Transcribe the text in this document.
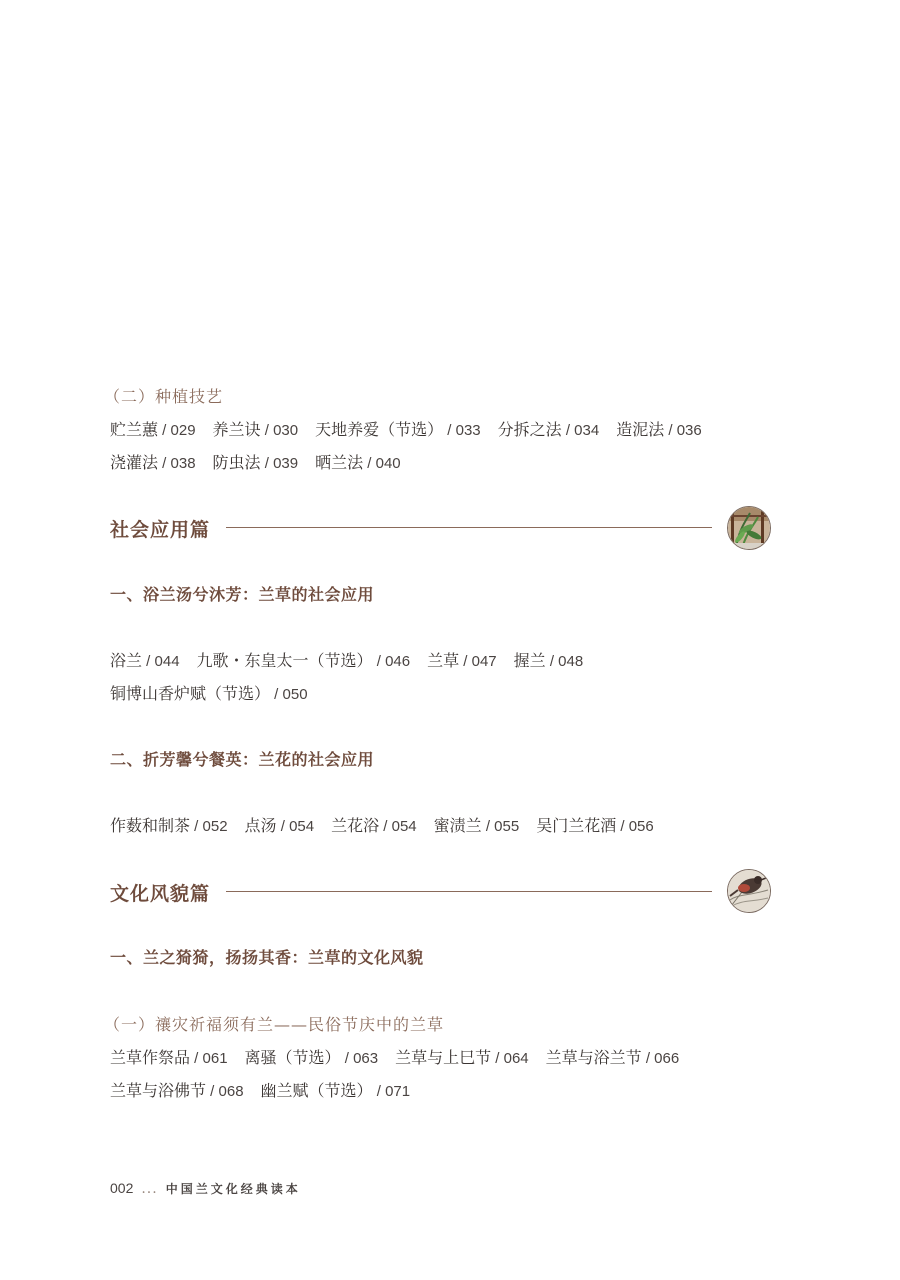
（二）种植技艺
贮兰蕙 / 029 养兰诀 / 030 天地养爱（节选） / 033 分拆之法 / 034 造泥法 / 036
浇灌法 / 038 防虫法 / 039 晒兰法 / 040
社会应用篇
一、浴兰汤兮沐芳：兰草的社会应用
浴兰 / 044 九歌・东皇太一（节选） / 046 兰草 / 047 握兰 / 048
铜博山香炉赋（节选） / 050
二、折芳馨兮餐英：兰花的社会应用
作薮和制茶 / 052 点汤 / 054 兰花浴 / 054 蜜渍兰 / 055 吴门兰花酒 / 056
文化风貌篇
一、兰之猗猗，扬扬其香：兰草的文化风貌
（一）禳灾祈福须有兰——民俗节庆中的兰草
兰草作祭品 / 061 离骚（节选） / 063 兰草与上巳节 / 064 兰草与浴兰节 / 066
兰草与浴佛节 / 068 幽兰赋（节选） / 071
002 ... 中国兰文化经典读本
